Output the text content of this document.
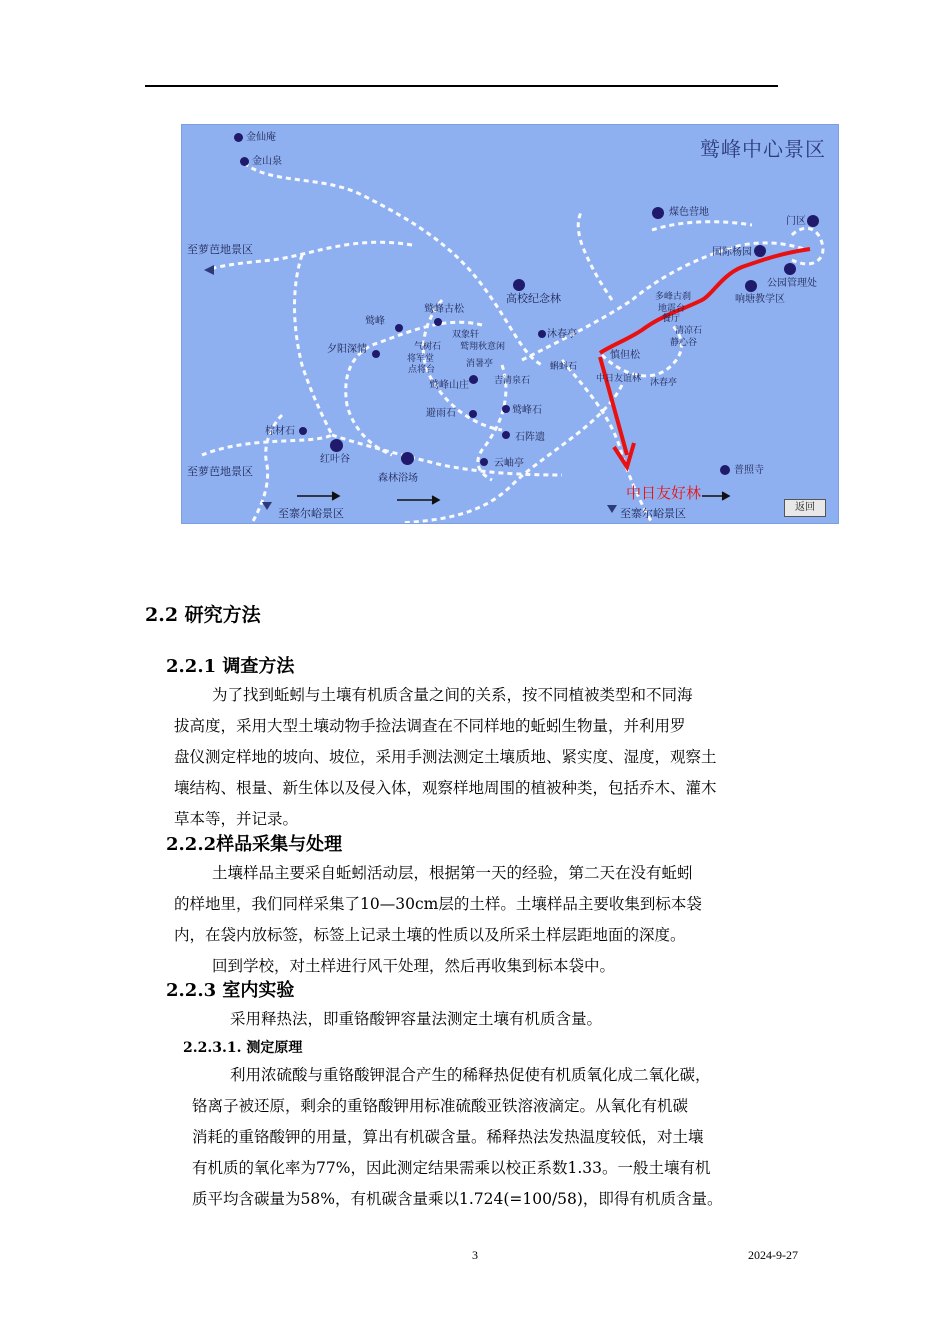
鹫峰中心景区
金仙庵
金山泉
煤色营地
门区
国际杨园
公园管理处
响塘教学区
高校纪念林
鹫峰古松
鹫峰
夕阳深情
沐春亭
多峰古刹
地震台
餐厅
清凉石
静心谷
慎但松
中日友谊林 沐春亭
双象轩
鹫翔秋意闲
气树石
将军堂
点将台
消暑亭
吉清泉石
蝌蚪石
鹫峰山庄
避雨石	鹫峰石
棕材石
红叶谷
石阵遗
森林浴场
云岫亭
普照寺
至萝芭地景区
至萝芭地景区
至寨尔峪景区	至寨尔峪景区
中日友好林
返回
2.2 研究方法
2.2.1 调查方法
为了找到蚯蚓与土壤有机质含量之间的关系，按不同植被类型和不同海
拔高度，采用大型土壤动物手捡法调查在不同样地的蚯蚓生物量，并利用罗
盘仪测定样地的坡向、坡位，采用手测法测定土壤质地、紧实度、湿度，观察土
壤结构、根量、新生体以及侵入体，观察样地周围的植被种类，包括乔木、灌木
草本等，并记录。
2.2.2样品采集与处理
土壤样品主要采自蚯蚓活动层，根据第一天的经验，第二天在没有蚯蚓
的样地里，我们同样采集了10—30cm层的土样。土壤样品主要收集到标本袋
内，在袋内放标签，标签上记录土壤的性质以及所采土样层距地面的深度。
回到学校，对土样进行风干处理，然后再收集到标本袋中。
2.2.3 室内实验
采用释热法，即重铬酸钾容量法测定土壤有机质含量。
2.2.3.1. 测定原理
利用浓硫酸与重铬酸钾混合产生的稀释热促使有机质氧化成二氧化碳，
铬离子被还原，剩余的重铬酸钾用标准硫酸亚铁溶液滴定。从氧化有机碳
消耗的重铬酸钾的用量，算出有机碳含量。稀释热法发热温度较低，对土壤
有机质的氧化率为77%，因此测定结果需乘以校正系数1.33。一般土壤有机
质平均含碳量为58%，有机碳含量乘以1.724(=100/58)，即得有机质含量。
3	2024-9-27
